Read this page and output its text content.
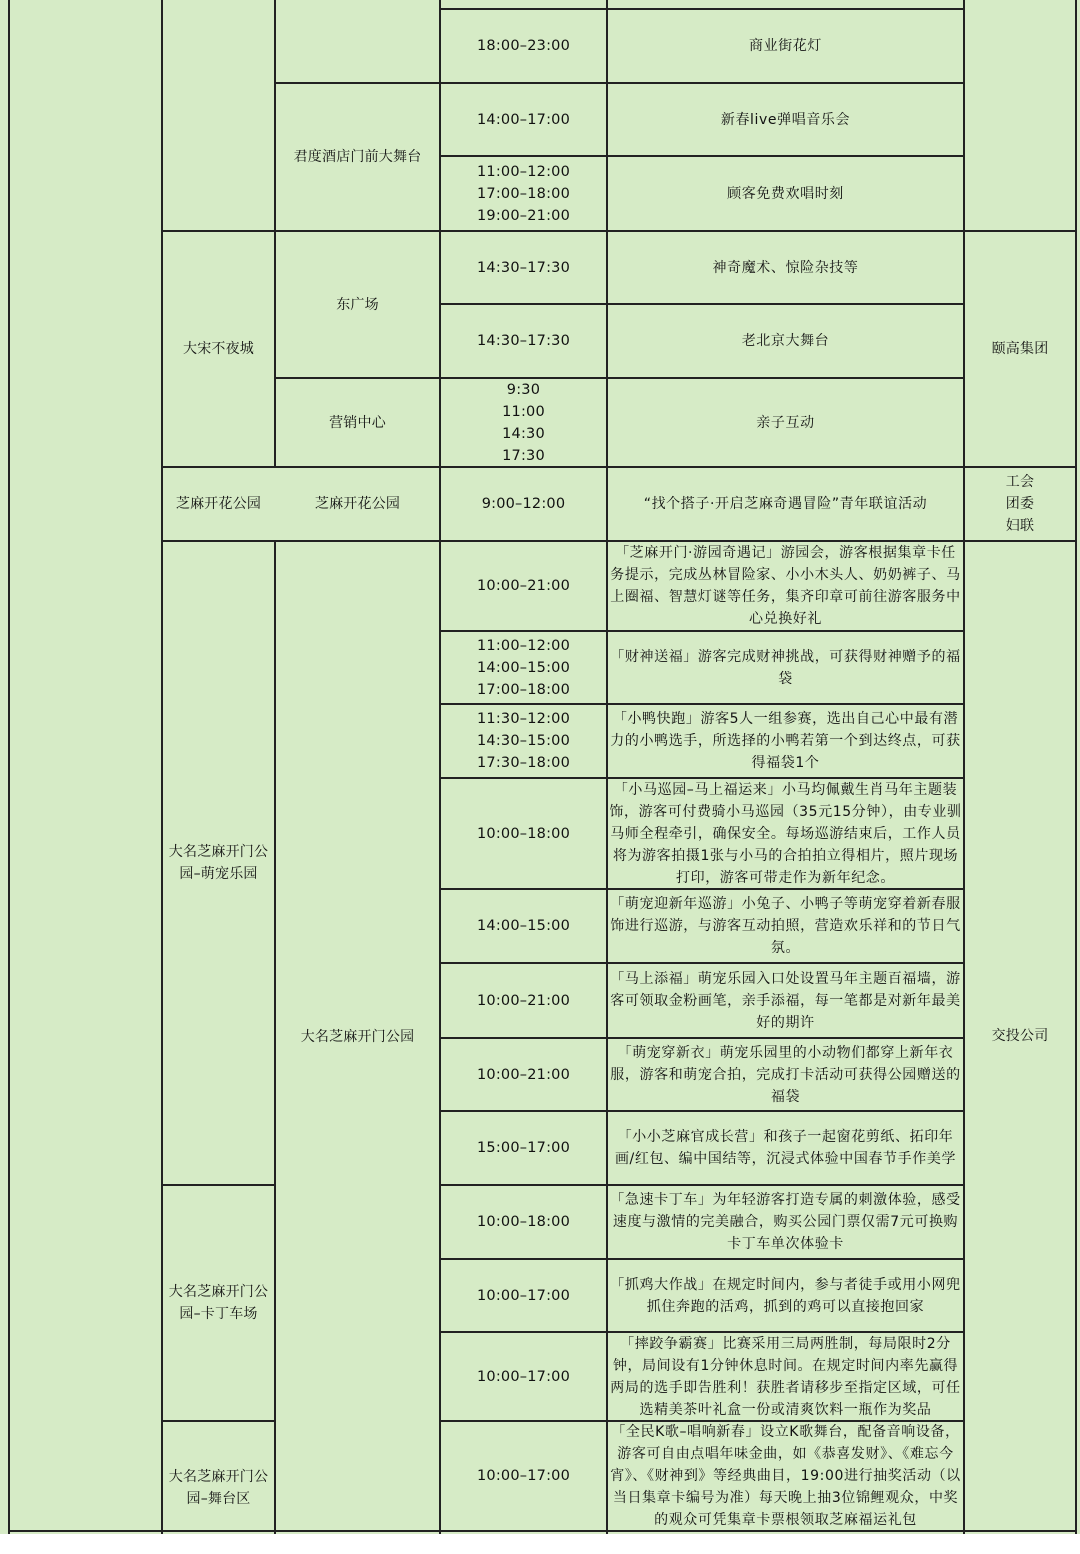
大宋不夜城
芝麻开花公园
大名芝麻开门公
园–萌宠乐园
大名芝麻开门公
园–卡丁车场
大名芝麻开门公
园–舞台区
君度酒店门前大舞台
东广场
营销中心
芝麻开花公园
大名芝麻开门公园
18:00–23:00
14:00–17:00
11:00–12:00
17:00–18:00
19:00–21:00
14:30–17:30
14:30–17:30
9:30
11:00
14:30
17:30
9:00–12:00
10:00–21:00
11:00–12:00
14:00–15:00
17:00–18:00
11:30–12:00
14:30–15:00
17:30–18:00
10:00–18:00
14:00–15:00
10:00–21:00
10:00–21:00
15:00–17:00
10:00–18:00
10:00–17:00
10:00–17:00
10:00–17:00
商业街花灯
新春live弹唱音乐会
顾客免费欢唱时刻
神奇魔术、惊险杂技等
老北京大舞台
亲子互动
“找个搭子·开启芝麻奇遇冒险”青年联谊活动
「芝麻开门·游园奇遇记」游园会，游客根据集章卡任务提示，完成丛林冒险家、小小木头人、奶奶裤子、马上圈福、智慧灯谜等任务，集齐印章可前往游客服务中心兑换好礼
「财神送福」游客完成财神挑战，可获得财神赠予的福袋
「小鸭快跑」游客5人一组参赛，选出自己心中最有潜力的小鸭选手，所选择的小鸭若第一个到达终点，可获得福袋1个
「小马巡园–马上福运来」小马均佩戴生肖马年主题装饰，游客可付费骑小马巡园（35元15分钟），由专业驯马师全程牵引，确保安全。每场巡游结束后，工作人员将为游客拍摄1张与小马的合拍拍立得相片，照片现场打印，游客可带走作为新年纪念。
「萌宠迎新年巡游」小兔子、小鸭子等萌宠穿着新春服饰进行巡游，与游客互动拍照，营造欢乐祥和的节日气氛。
「马上添福」萌宠乐园入口处设置马年主题百福墙，游客可领取金粉画笔，亲手添福，每一笔都是对新年最美好的期许
「萌宠穿新衣」萌宠乐园里的小动物们都穿上新年衣服，游客和萌宠合拍，完成打卡活动可获得公园赠送的福袋
「小小芝麻官成长营」和孩子一起窗花剪纸、拓印年画/红包、编中国结等，沉浸式体验中国春节手作美学
「急速卡丁车」为年轻游客打造专属的刺激体验，感受速度与激情的完美融合，购买公园门票仅需7元可换购卡丁车单次体验卡
「抓鸡大作战」在规定时间内，参与者徒手或用小网兜抓住奔跑的活鸡，抓到的鸡可以直接抱回家
「摔跤争霸赛」比赛采用三局两胜制，每局限时2分钟，局间设有1分钟休息时间。在规定时间内率先赢得两局的选手即告胜利！获胜者请移步至指定区域，可任选精美茶叶礼盒一份或清爽饮料一瓶作为奖品
「全民K歌–唱响新春」设立K歌舞台，配备音响设备，游客可自由点唱年味金曲，如《恭喜发财》、《难忘今宵》、《财神到》等经典曲目，19:00进行抽奖活动（以当日集章卡编号为准）每天晚上抽3位锦鲤观众，中奖的观众可凭集章卡票根领取芝麻福运礼包
颐高集团
工会
团委
妇联
交投公司
